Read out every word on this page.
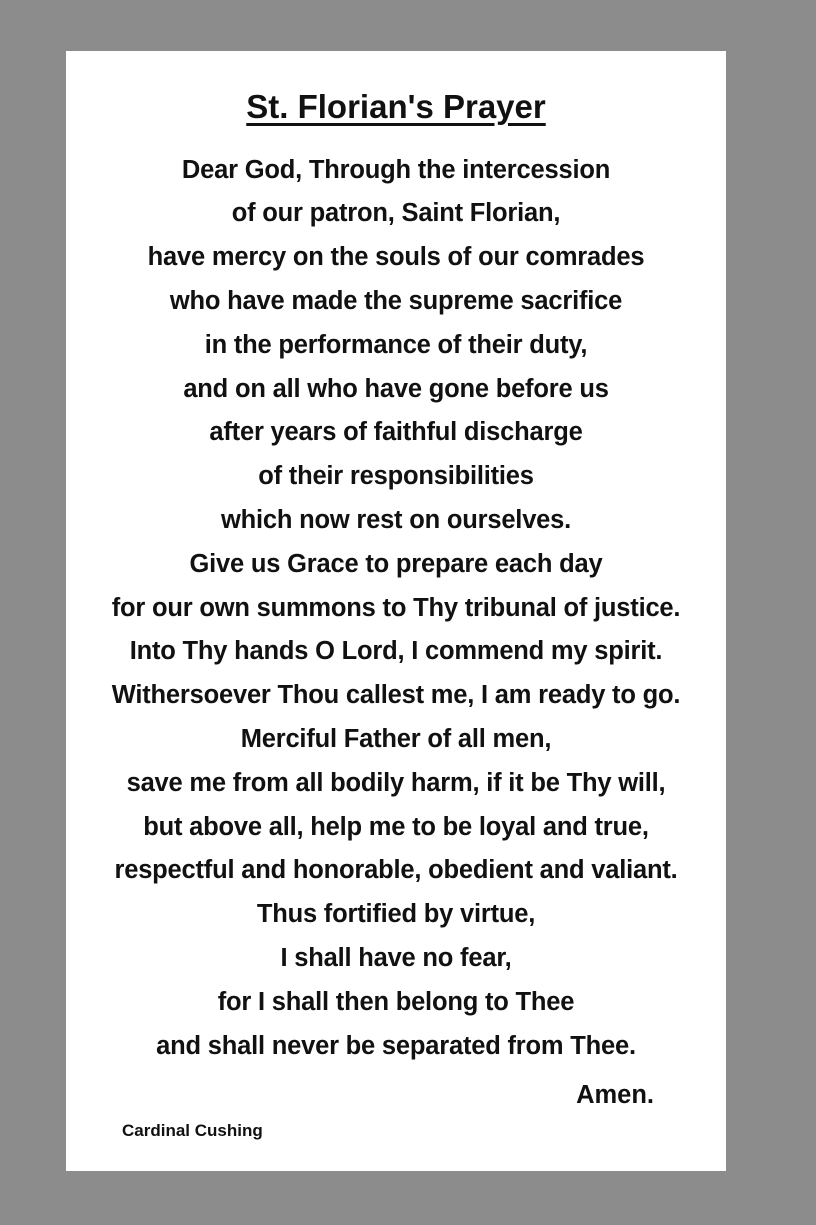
St. Florian's Prayer
Dear God, Through the intercession
of our patron, Saint Florian,
have mercy on the souls of our comrades
who have made the supreme sacrifice
in the performance of their duty,
and on all who have gone before us
after years of faithful discharge
of their responsibilities
which now rest on ourselves.
Give us Grace to prepare each day
for our own summons to Thy tribunal of justice.
Into Thy hands O Lord, I commend my spirit.
Withersoever Thou callest me, I am ready to go.
Merciful Father of all men,
save me from all bodily harm, if it be Thy will,
but above all, help me to be loyal and true,
respectful and honorable, obedient and valiant.
Thus fortified by virtue,
I shall have no fear,
for I shall then belong to Thee
and shall never be separated from Thee.
Amen.
Cardinal Cushing
